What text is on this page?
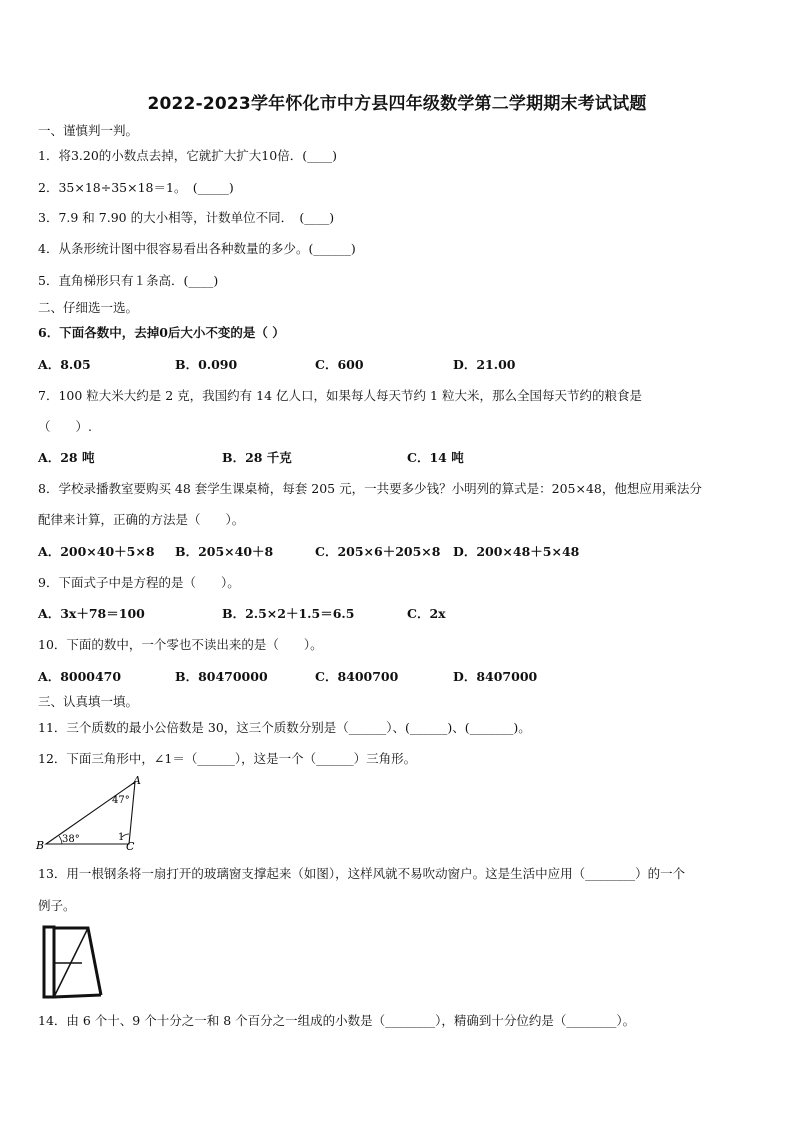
2022-2023学年怀化市中方县四年级数学第二学期期末考试试题
一、谨慎判一判。
1．将3.20的小数点去掉，它就扩大扩大10倍．(____)
2．35×18÷35×18＝1。　(_____)
3．7.9 和 7.90 的大小相等，计数单位不同．　(____)
4．从条形统计图中很容易看出各种数量的多少。(______)
5．直角梯形只有１条高．(____)
二、仔细选一选。
6．下面各数中，去掉0后大小不变的是（ ）
A．8.05	B．0.090	C．600	D．21.00
7．100 粒大米大约是 2 克，我国约有 14 亿人口，如果每人每天节约 1 粒大米，那么全国每天节约的粮食是
（　　）.
A．28 吨	B．28 千克	C．14 吨
8．学校录播教室要购买 48 套学生课桌椅，每套 205 元，一共要多少钱？小明列的算式是：205×48，他想应用乘法分
配律来计算，正确的方法是（　　）。
A．200×40＋5×8 B．205×40＋8	C．205×6＋205×8 D．200×48＋5×48
9．下面式子中是方程的是（　　）。
A．3x＋78＝100	B．2.5×2＋1.5＝6.5	C．2x
10．下面的数中，一个零也不读出来的是（　　）。
A．8000470	B．80470000	C．8400700	D．8407000
三、认真填一填。
11．三个质数的最小公倍数是 30，这三个质数分别是（______）、(______)、(_______)。
12．下面三角形中，∠1＝（______），这是一个（______）三角形。
A
B	C
47°
38°	1
13．用一根钢条将一扇打开的玻璃窗支撑起来（如图），这样风就不易吹动窗户。这是生活中应用（________）的一个
例子。
14．由 6 个十、9 个十分之一和 8 个百分之一组成的小数是（________），精确到十分位约是（________）。
